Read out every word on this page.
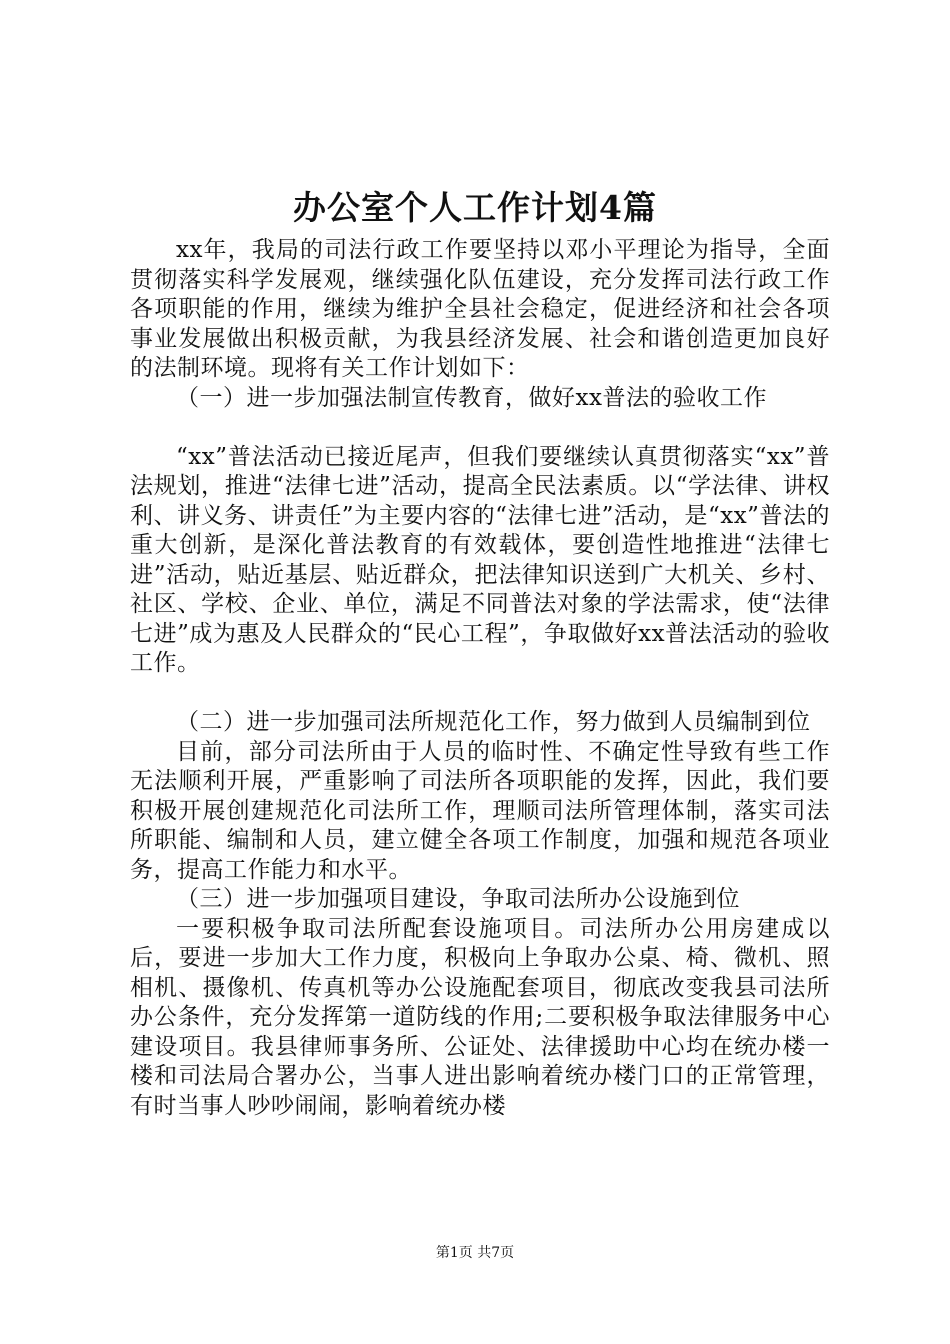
办公室个人工作计划4篇

xx年，我局的司法行政工作要坚持以邓小平理论为指导，全面贯彻落实科学发展观，继续强化队伍建设，充分发挥司法行政工作各项职能的作用，继续为维护全县社会稳定，促进经济和社会各项事业发展做出积极贡献，为我县经济发展、社会和谐创造更加良好的法制环境。现将有关工作计划如下：

（一）进一步加强法制宣传教育，做好xx普法的验收工作

“xx”普法活动已接近尾声，但我们要继续认真贯彻落实“xx”普法规划，推进“法律七进”活动，提高全民法素质。以“学法律、讲权利、讲义务、讲责任”为主要内容的“法律七进”活动，是“xx”普法的重大创新，是深化普法教育的有效载体，要创造性地推进“法律七进”活动，贴近基层、贴近群众，把法律知识送到广大机关、乡村、社区、学校、企业、单位，满足不同普法对象的学法需求，使“法律七进”成为惠及人民群众的“民心工程”，争取做好xx普法活动的验收工作。

（二）进一步加强司法所规范化工作，努力做到人员编制到位

目前，部分司法所由于人员的临时性、不确定性导致有些工作无法顺利开展，严重影响了司法所各项职能的发挥，因此，我们要积极开展创建规范化司法所工作，理顺司法所管理体制，落实司法所职能、编制和人员，建立健全各项工作制度，加强和规范各项业务，提高工作能力和水平。

（三）进一步加强项目建设，争取司法所办公设施到位

一要积极争取司法所配套设施项目。司法所办公用房建成以后，要进一步加大工作力度，积极向上争取办公桌、椅、微机、照相机、摄像机、传真机等办公设施配套项目，彻底改变我县司法所办公条件，充分发挥第一道防线的作用;二要积极争取法律服务中心建设项目。我县律师事务所、公证处、法律援助中心均在统办楼一楼和司法局合署办公，当事人进出影响着统办楼门口的正常管理，有时当事人吵吵闹闹，影响着统办楼

第1页 共7页
